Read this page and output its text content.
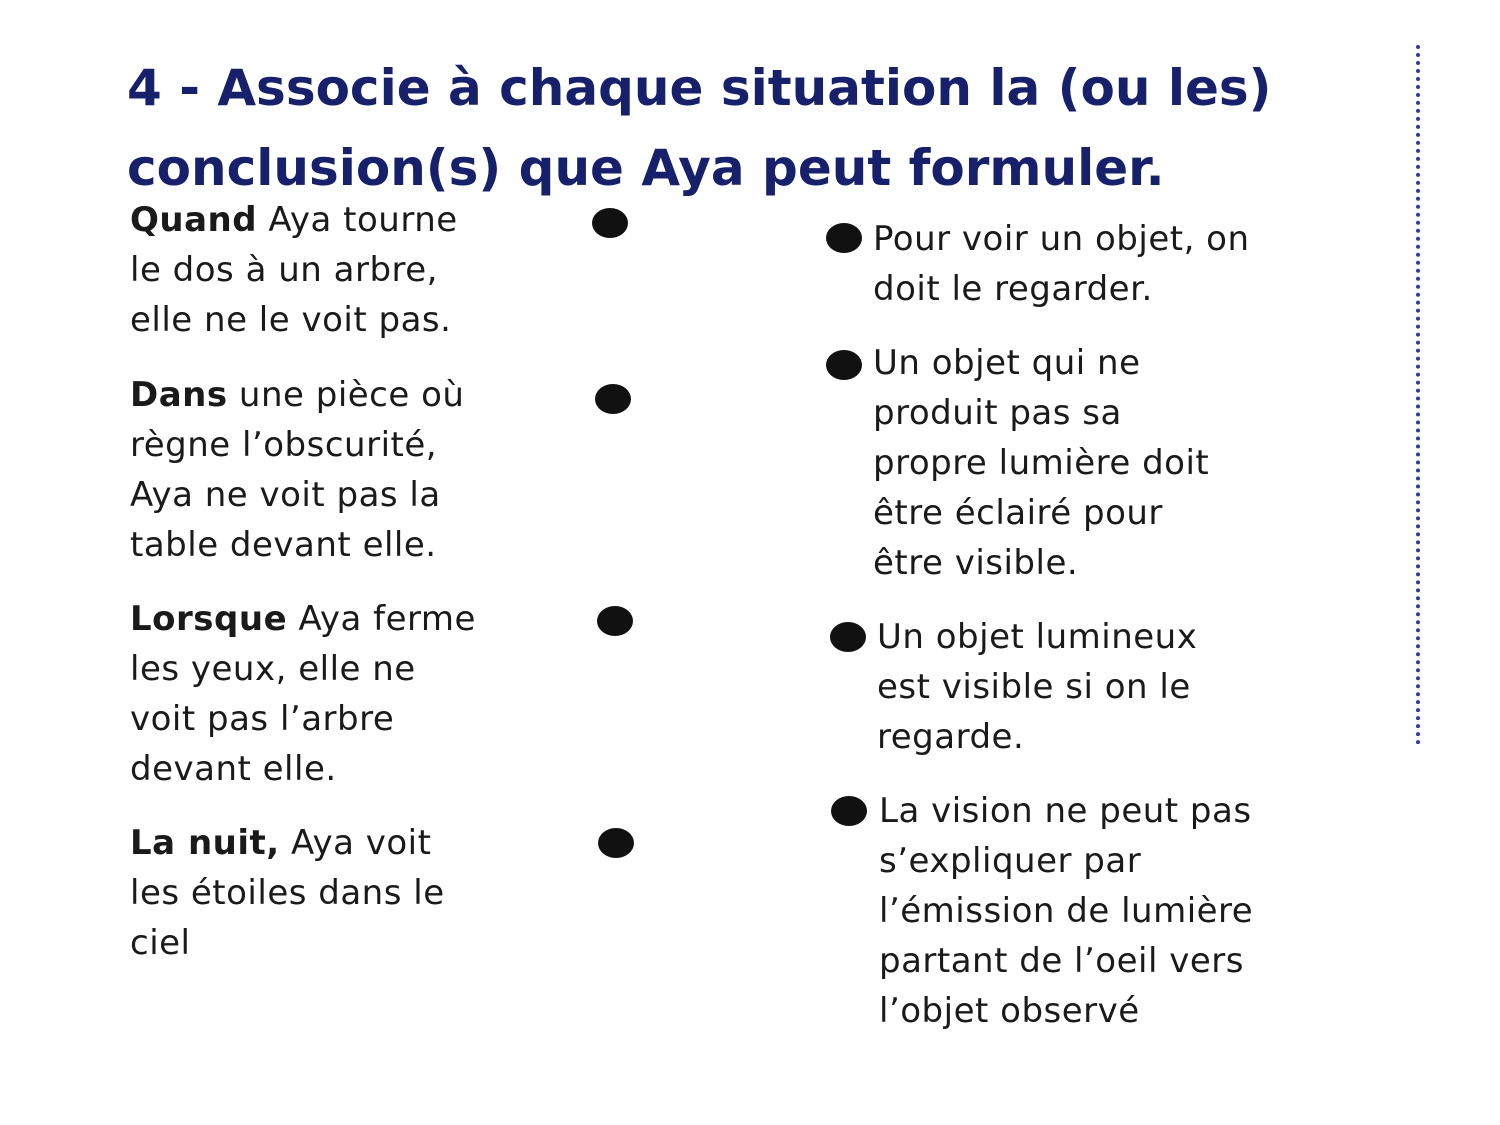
4 - Associe à chaque situation la (ou les)
conclusion(s) que Aya peut formuler.
Quand Aya tourne
le dos à un arbre,
elle ne le voit pas.
Dans une pièce où
règne l’obscurité,
Aya ne voit pas la
table devant elle.
Lorsque Aya ferme
les yeux, elle ne
voit pas l’arbre
devant elle.
La nuit, Aya voit
les étoiles dans le
ciel
Pour voir un objet, on
doit le regarder.
Un objet qui ne
produit pas sa
propre lumière doit
être éclairé pour
être visible.
Un objet lumineux
est visible si on le
regarde.
La vision ne peut pas
s’expliquer par
l’émission de lumière
partant de l’oeil vers
l’objet observé
